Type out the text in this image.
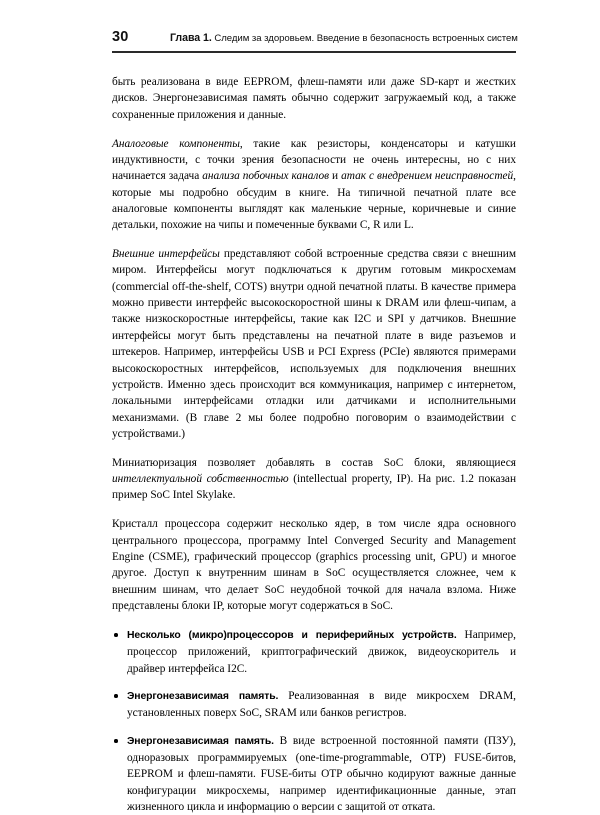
30	Глава 1. Следим за здоровьем. Введение в безопасность встроенных систем

быть реализована в виде EEPROM, флеш-памяти или даже SD-карт и жестких дисков. Энергонезависимая память обычно содержит загружаемый код, а также сохраненные приложения и данные.

Аналоговые компоненты, такие как резисторы, конденсаторы и катушки индуктивности, с точки зрения безопасности не очень интересны, но с них начинается задача анализа побочных каналов и атак с внедрением неисправностей, которые мы подробно обсудим в книге. На типичной печатной плате все аналоговые компоненты выглядят как маленькие черные, коричневые и синие детальки, похожие на чипы и помеченные буквами C, R или L.

Внешние интерфейсы представляют собой встроенные средства связи с внешним миром. Интерфейсы могут подключаться к другим готовым микросхемам (commercial off-the-shelf, COTS) внутри одной печатной платы. В качестве примера можно привести интерфейс высокоскоростной шины к DRAM или флеш-чипам, а также низкоскоростные интерфейсы, такие как I2C и SPI у датчиков. Внешние интерфейсы могут быть представлены на печатной плате в виде разъемов и штекеров. Например, интерфейсы USB и PCI Express (PCIe) являются примерами высокоскоростных интерфейсов, используемых для подключения внешних устройств. Именно здесь происходит вся коммуникация, например с интернетом, локальными интерфейсами отладки или датчиками и исполнительными механизмами. (В главе 2 мы более подробно поговорим о взаимодействии с устройствами.)

Миниатюризация позволяет добавлять в состав SoC блоки, являющиеся интеллектуальной собственностью (intellectual property, IP). На рис. 1.2 показан пример SoC Intel Skylake.

Кристалл процессора содержит несколько ядер, в том числе ядра основного центрального процессора, программу Intel Converged Security and Management Engine (CSME), графический процессор (graphics processing unit, GPU) и многое другое. Доступ к внутренним шинам в SoC осуществляется сложнее, чем к внешним шинам, что делает SoC неудобной точкой для начала взлома. Ниже представлены блоки IP, которые могут содержаться в SoC.

Несколько (микро)процессоров и периферийных устройств. Например, процессор приложений, криптографический движок, видеоускоритель и драйвер интерфейса I2C.
Энергонезависимая память. Реализованная в виде микросхем DRAM, установленных поверх SoC, SRAM или банков регистров.
Энергонезависимая память. В виде встроенной постоянной памяти (ПЗУ), одноразовых программируемых (one-time-programmable, OTP) FUSE-битов, EEPROM и флеш-памяти. FUSE-биты OTP обычно кодируют важные данные конфигурации микросхемы, например идентификационные данные, этап жизненного цикла и информацию о версии с защитой от отката.
